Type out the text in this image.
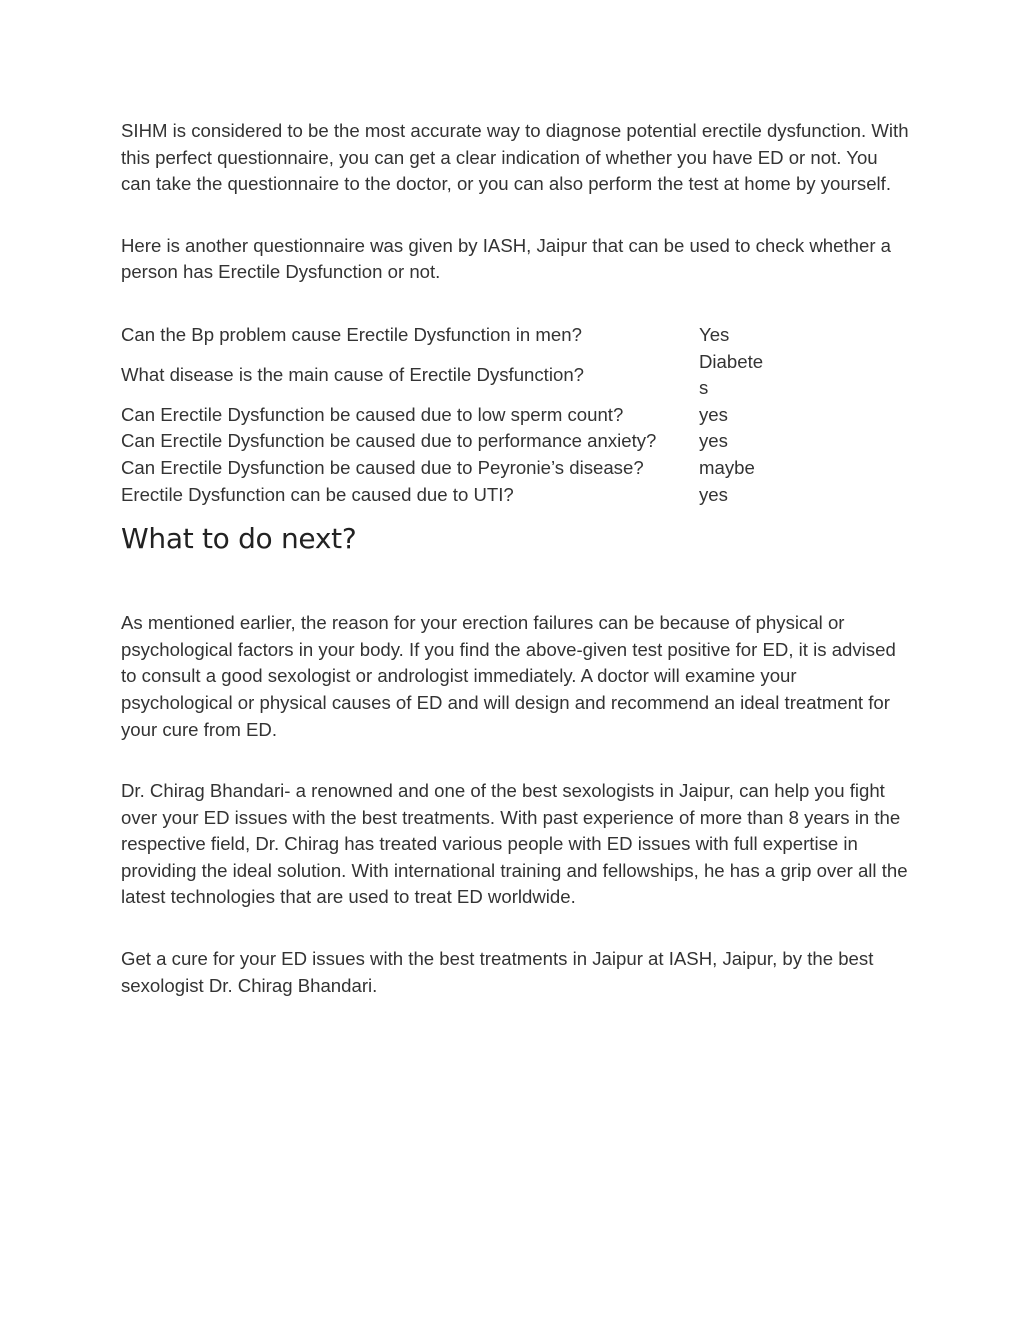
SIHM is considered to be the most accurate way to diagnose potential erectile dysfunction. With this perfect questionnaire, you can get a clear indication of whether you have ED or not. You can take the questionnaire to the doctor, or you can also perform the test at home by yourself.

Here is another questionnaire was given by IASH, Jaipur that can be used to check whether a person has Erectile Dysfunction or not.

Can the Bp problem cause Erectile Dysfunction in men?	Yes
What disease is the main cause of Erectile Dysfunction?	Diabetes
Can Erectile Dysfunction be caused due to low sperm count?	yes
Can Erectile Dysfunction be caused due to performance anxiety?	yes
Can Erectile Dysfunction be caused due to Peyronie’s disease?	maybe
Erectile Dysfunction can be caused due to UTI?	yes
What to do next?

As mentioned earlier, the reason for your erection failures can be because of physical or psychological factors in your body. If you find the above-given test positive for ED, it is advised to consult a good sexologist or andrologist immediately. A doctor will examine your psychological or physical causes of ED and will design and recommend an ideal treatment for your cure from ED.

Dr. Chirag Bhandari- a renowned and one of the best sexologists in Jaipur, can help you fight over your ED issues with the best treatments. With past experience of more than 8 years in the respective field, Dr. Chirag has treated various people with ED issues with full expertise in providing the ideal solution. With international training and fellowships, he has a grip over all the latest technologies that are used to treat ED worldwide.

Get a cure for your ED issues with the best treatments in Jaipur at IASH, Jaipur, by the best sexologist Dr. Chirag Bhandari.
